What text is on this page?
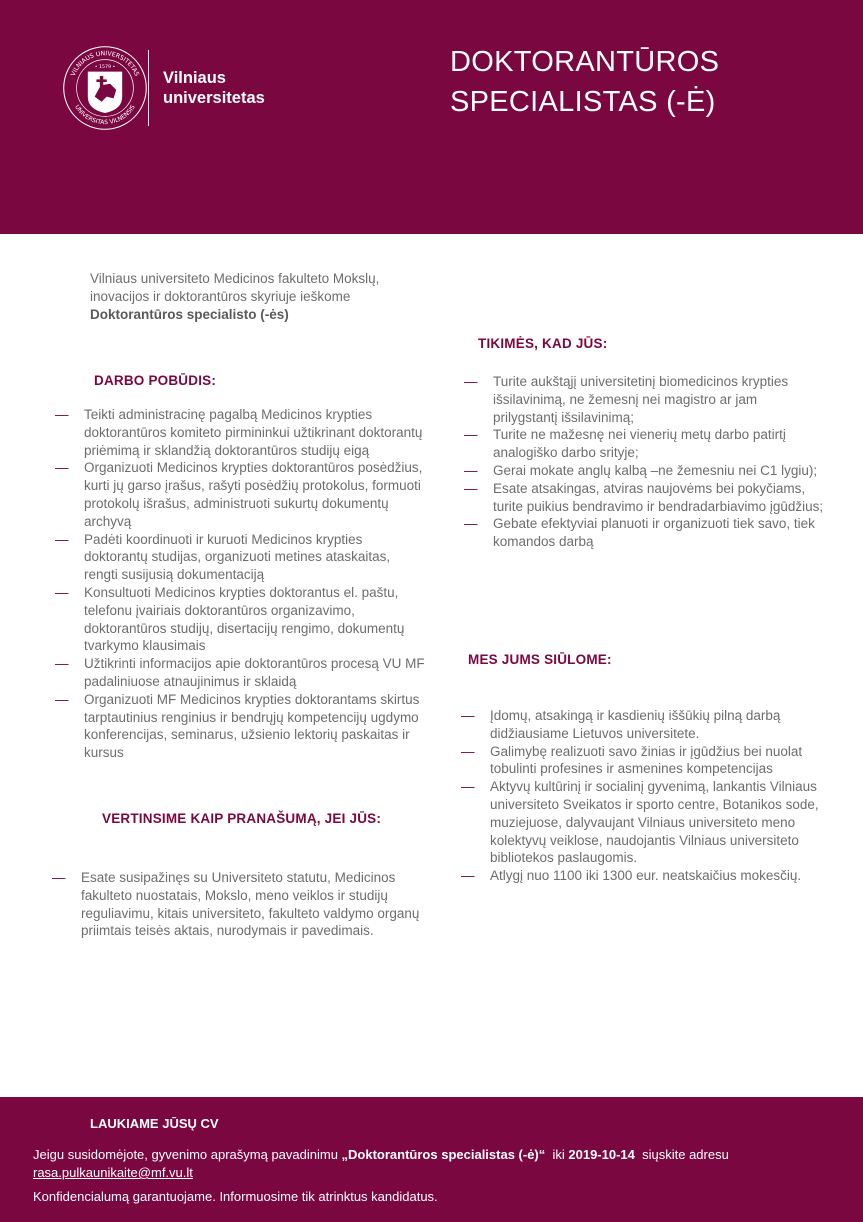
VILNIAUS UNIVERSITETAS
UNIVERSITAS VILNENSIS
• 1579 •
Vilniaus
universitetas
DOKTORANTŪROS
SPECIALISTAS (-Ė)
Vilniaus universiteto Medicinos fakulteto Mokslų,
inovacijos ir doktorantūros skyriuje ieškome
Doktorantūros specialisto (-ės)
DARBO POBŪDIS:
— Teikti administracinę pagalbą Medicinos krypties doktorantūros komiteto pirmininkui užtikrinant doktorantų priėmimą ir sklandžią doktorantūros studijų eigą
— Organizuoti Medicinos krypties doktorantūros posėdžius, kurti jų garso įrašus, rašyti posėdžių protokolus, formuoti protokolų išrašus, administruoti sukurtų dokumentų archyvą
— Padėti koordinuoti ir kuruoti Medicinos krypties doktorantų studijas, organizuoti metines ataskaitas, rengti susijusią dokumentaciją
— Konsultuoti Medicinos krypties doktorantus el. paštu, telefonu įvairiais doktorantūros organizavimo, doktorantūros studijų, disertacijų rengimo, dokumentų tvarkymo klausimais
— Užtikrinti informacijos apie doktorantūros procesą VU MF padaliniuose atnaujinimus ir sklaidą
— Organizuoti MF Medicinos krypties doktorantams skirtus tarptautinius renginius ir bendrųjų kompetencijų ugdymo konferencijas, seminarus, užsienio lektorių paskaitas ir kursus
VERTINSIME KAIP PRANAŠUMĄ, JEI JŪS:
— Esate susipažinęs su Universiteto statutu, Medicinos fakulteto nuostatais, Mokslo, meno veiklos ir studijų reguliavimu, kitais universiteto, fakulteto valdymo organų priimtais teisės aktais, nurodymais ir pavedimais.
TIKIMĖS, KAD JŪS:
— Turite aukštąjį universitetinį biomedicinos krypties išsilavinimą, ne žemesnį nei magistro ar jam prilygstantį išsilavinimą;
— Turite ne mažesnę nei vienerių metų darbo patirtį analogiško darbo srityje;
— Gerai mokate anglų kalbą –ne žemesniu nei C1 lygiu);
— Esate atsakingas, atviras naujovėms bei pokyčiams, turite puikius bendravimo ir bendradarbiavimo įgūdžius;
— Gebate efektyviai planuoti ir organizuoti tiek savo, tiek komandos darbą
MES JUMS SIŪLOME:
— Įdomų, atsakingą ir kasdienių iššūkių pilną darbą didžiausiame Lietuvos universitete.
— Galimybę realizuoti savo žinias ir įgūdžius bei nuolat tobulinti profesines ir asmenines kompetencijas
— Aktyvų kultūrinį ir socialinį gyvenimą, lankantis Vilniaus universiteto Sveikatos ir sporto centre, Botanikos sode, muziejuose, dalyvaujant Vilniaus universiteto meno kolektyvų veiklose, naudojantis Vilniaus universiteto bibliotekos paslaugomis.
— Atlygį nuo 1100 iki 1300 eur. neatskaičius mokesčių.
LAUKIAME JŪSŲ CV
Jeigu susidomėjote, gyvenimo aprašymą pavadinimu „Doktorantūros specialistas (-ė)“  iki 2019-10-14  siųskite adresu
rasa.pulkaunikaite@mf.vu.lt
Konfidencialumą garantuojame. Informuosime tik atrinktus kandidatus.
